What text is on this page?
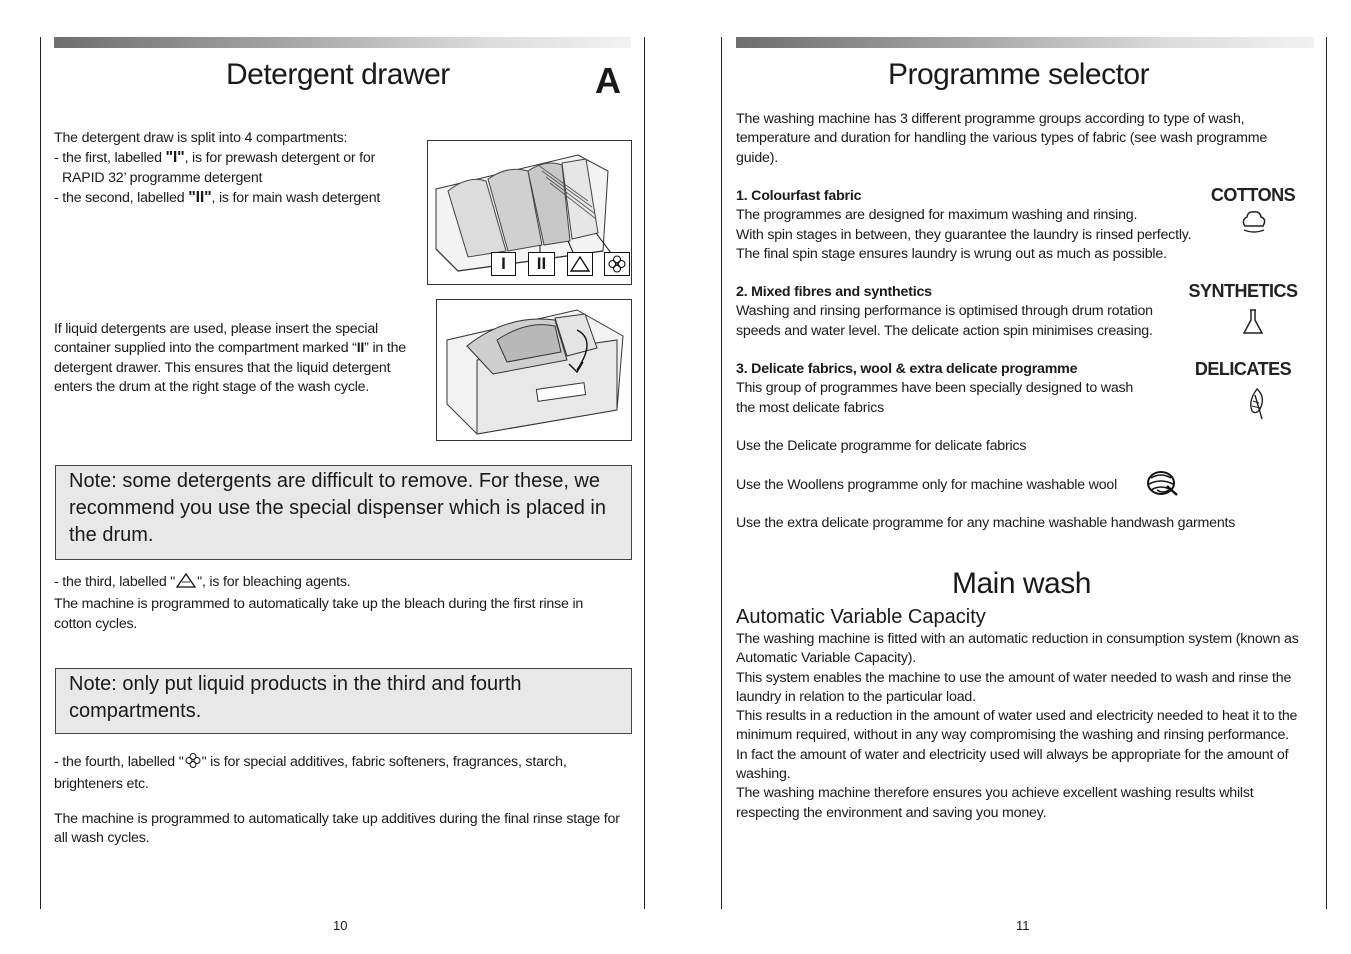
Detergent drawer	A
The detergent draw is split into 4 compartments:
- the first, labelled "I", is for prewash detergent or for
RAPID 32’ programme detergent
- the second, labelled "II", is for main wash detergent
I	II
If liquid detergents are used, please insert the special
container supplied into the compartment marked “II” in the
detergent drawer. This ensures that the liquid detergent
enters the drum at the right stage of the wash cycle.
Note: some detergents are difficult to remove. For these, we recommend you use the special dispenser which is placed in the drum.
- the third, labelled " ", is for bleaching agents.
The machine is programmed to automatically take up the bleach during the first rinse in cotton cycles.
Note: only put liquid products in the third and fourth compartments.
- the fourth, labelled " " is for special additives, fabric softeners, fragrances, starch, brighteners etc.
The machine is programmed to automatically take up additives during the final rinse stage for all wash cycles.
10
Programme selector
The washing machine has 3 different programme groups according to type of wash, temperature and duration for handling the various types of fabric (see wash programme guide).
1. Colourfast fabric
The programmes are designed for maximum washing and rinsing.
With spin stages in between, they guarantee the laundry is rinsed perfectly.
The final spin stage ensures laundry is wrung out as much as possible.
2. Mixed fibres and synthetics
Washing and rinsing performance is optimised through drum rotation
speeds and water level. The delicate action spin minimises creasing.
3. Delicate fabrics, wool & extra delicate programme
This group of programmes have been specially designed to wash
the most delicate fabrics
COTTONS
SYNTHETICS
DELICATES
Use the Delicate programme for delicate fabrics
Use the Woollens programme only for machine washable wool
Use the extra delicate programme for any machine washable handwash garments
Main wash
Automatic Variable Capacity
The washing machine is fitted with an automatic reduction in consumption system (known as Automatic Variable Capacity).
This system enables the machine to use the amount of water needed to wash and rinse the laundry in relation to the particular load.
This results in a reduction in the amount of water used and electricity needed to heat it to the minimum required, without in any way compromising the washing and rinsing performance.
In fact the amount of water and electricity used will always be appropriate for the amount of washing.
The washing machine therefore ensures you achieve excellent washing results whilst respecting the environment and saving you money.
11
